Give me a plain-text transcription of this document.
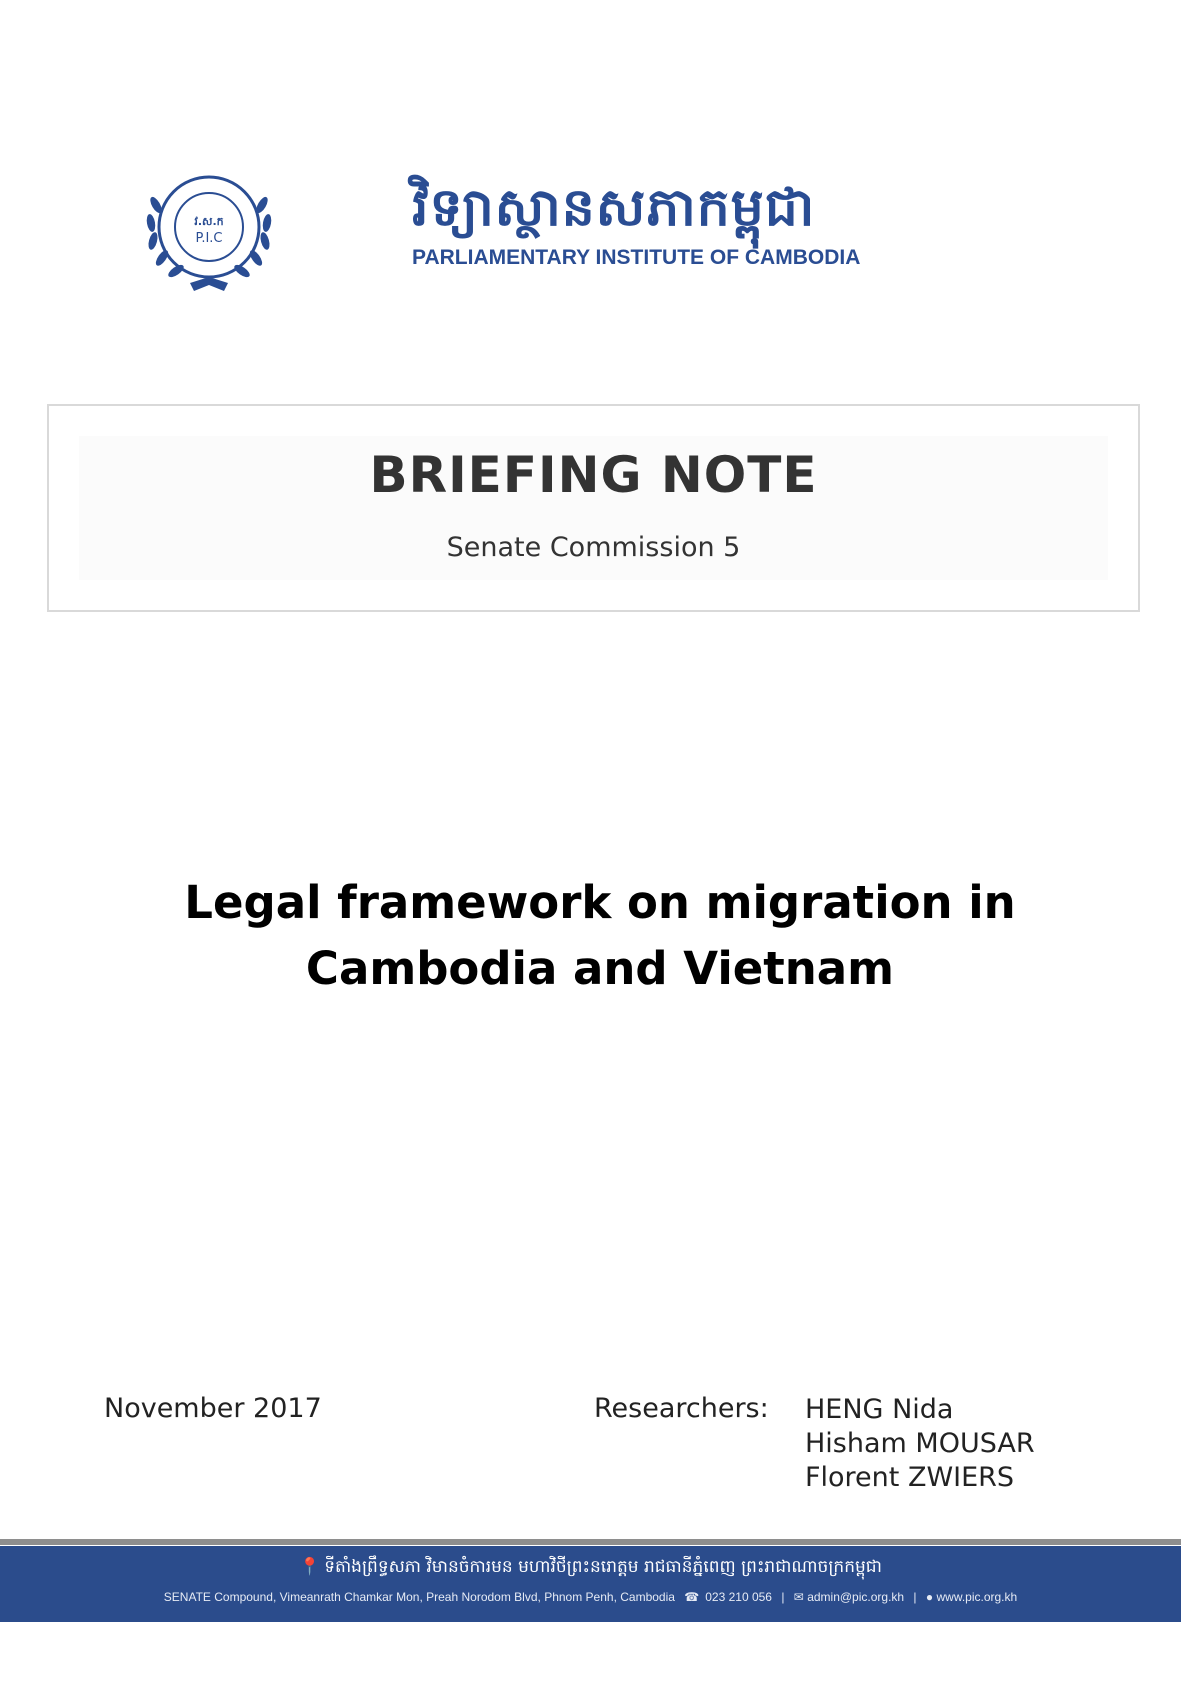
វ.ស.ក
P.I.C
វិទ្យាស្ថានសភាកម្ពុជា
PARLIAMENTARY INSTITUTE OF CAMBODIA
BRIEFING NOTE
Senate Commission 5
Legal framework on migration in
Cambodia and Vietnam
November 2017	Researchers: HENG Nida
Hisham MOUSAR
Florent ZWIERS
📍 ទីតាំងព្រឹទ្ធសភា វិមានចំការមន មហាវិថីព្រះនរោត្តម រាជធានីភ្នំពេញ ព្រះរាជាណាចក្រកម្ពុជា
SENATE Compound, Vimeanrath Chamkar Mon, Preah Norodom Blvd, Phnom Penh, Cambodia ☎ 023 210 056 | ✉ admin@pic.org.kh | ● www.pic.org.kh
